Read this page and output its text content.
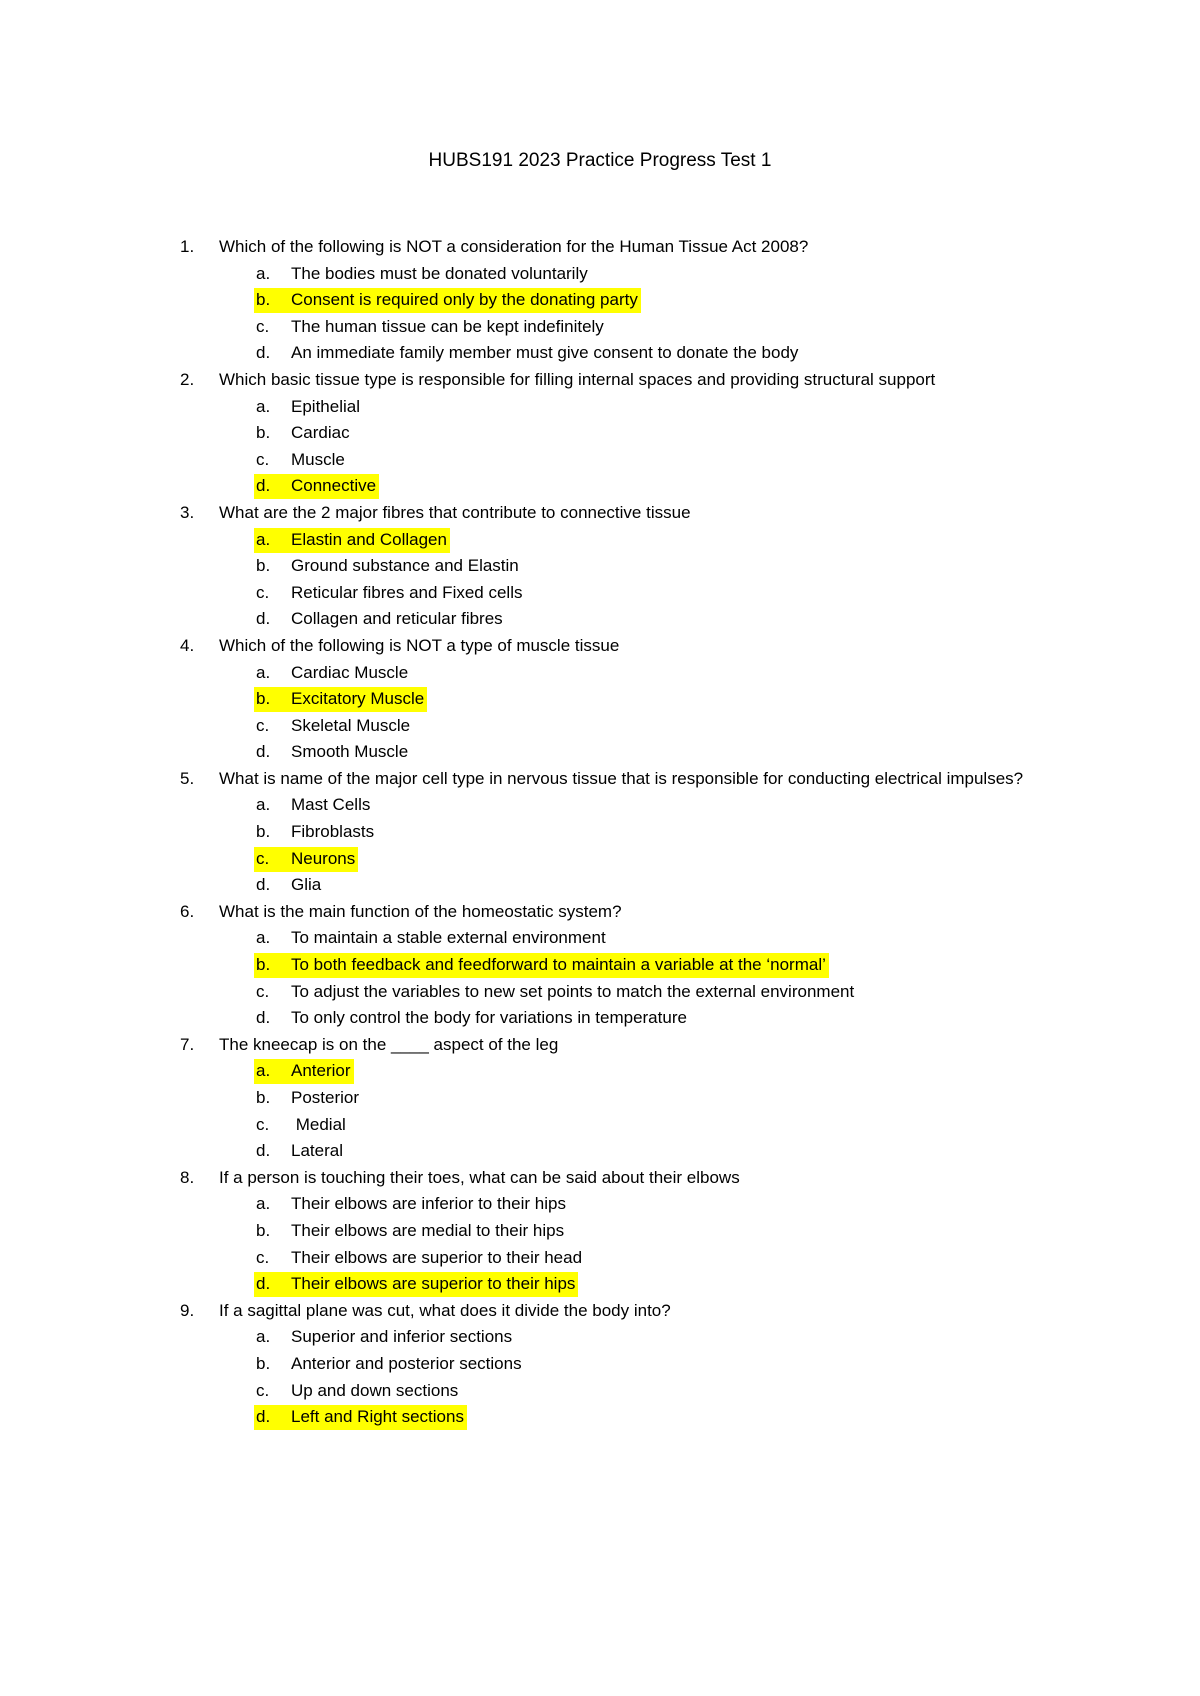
HUBS191 2023 Practice Progress Test 1
1.	Which of the following is NOT a consideration for the Human Tissue Act 2008?
a.	The bodies must be donated voluntarily
b.	Consent is required only by the donating party
c.	The human tissue can be kept indefinitely
d.	An immediate family member must give consent to donate the body
2.	Which basic tissue type is responsible for filling internal spaces and providing structural support
a.	Epithelial
b.	Cardiac
c.	Muscle
d.	Connective
3.	What are the 2 major fibres that contribute to connective tissue
a.	Elastin and Collagen
b.	Ground substance and Elastin
c.	Reticular fibres and Fixed cells
d.	Collagen and reticular fibres
4.	Which of the following is NOT a type of muscle tissue
a.	Cardiac Muscle
b.	Excitatory Muscle
c.	Skeletal Muscle
d.	Smooth Muscle
5.	What is name of the major cell type in nervous tissue that is responsible for conducting electrical impulses?
a.	Mast Cells
b.	Fibroblasts
c.	Neurons
d.	Glia
6.	What is the main function of the homeostatic system?
a.	To maintain a stable external environment
b.	To both feedback and feedforward to maintain a variable at the ‘normal’
c.	To adjust the variables to new set points to match the external environment
d.	To only control the body for variations in temperature
7.	The kneecap is on the ____ aspect of the leg
a.	Anterior
b.	Posterior
c.	Medial
d.	Lateral
8.	If a person is touching their toes, what can be said about their elbows
a.	Their elbows are inferior to their hips
b.	Their elbows are medial to their hips
c.	Their elbows are superior to their head
d.	Their elbows are superior to their hips
9.	If a sagittal plane was cut, what does it divide the body into?
a.	Superior and inferior sections
b.	Anterior and posterior sections
c.	Up and down sections
d.	Left and Right sections
